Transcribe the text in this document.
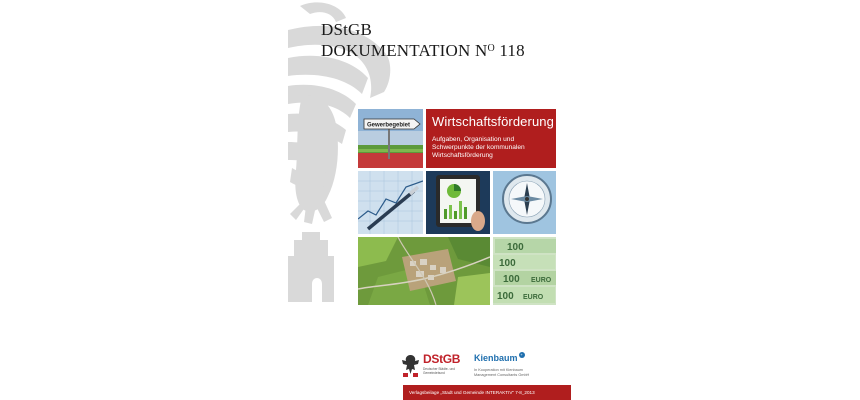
DStGB
DOKUMENTATION $N^O$ 118
Gewerbegebiet Wirtschaftsförderung
Aufgaben, Organisation und Schwerpunkte der kommunalen Wirtschaftsförderung
100
100
100 EURO
100 EURO
DStGB
Deutscher Städte- und Gemeindebund
Kienbaum +
In Kooperation mit Kienbaum Management Consultants GmbH
Verlagsbeilage „Stadt und Gemeinde INTERAKTIV“ 7-8_2013
